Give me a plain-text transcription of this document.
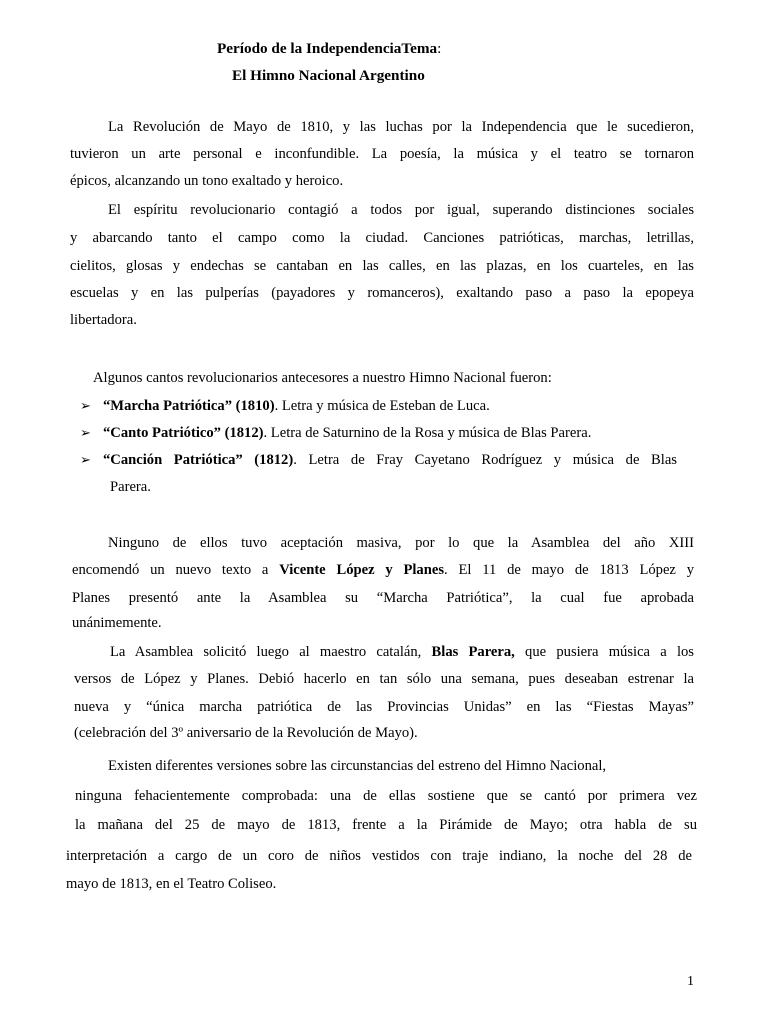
Período de la IndependenciaTema:
El Himno Nacional Argentino
La Revolución de Mayo de 1810, y las luchas por la Independencia que le sucedieron,
tuvieron un arte personal e inconfundible. La poesía, la música y el teatro se tornaron
épicos, alcanzando un tono exaltado y heroico.
El espíritu revolucionario contagió a todos por igual, superando distinciones sociales
y abarcando tanto el campo como la ciudad. Canciones patrióticas, marchas, letrillas,
cielitos, glosas y endechas se cantaban en las calles, en las plazas, en los cuarteles, en las
escuelas y en las pulperías (payadores y romanceros), exaltando paso a paso la epopeya
libertadora.
Algunos cantos revolucionarios antecesores a nuestro Himno Nacional fueron:
➢ “Marcha Patriótica” (1810). Letra y música de Esteban de Luca.
➢ “Canto Patriótico” (1812). Letra de Saturnino de la Rosa y música de Blas Parera.
➢ “Canción Patriótica” (1812). Letra de Fray Cayetano Rodríguez y música de Blas
Parera.
Ninguno de ellos tuvo aceptación masiva, por lo que la Asamblea del año XIII
encomendó un nuevo texto a Vicente López y Planes. El 11 de mayo de 1813 López y
Planes presentó ante la Asamblea su “Marcha Patriótica”, la cual fue aprobada
unánimemente.
La Asamblea solicitó luego al maestro catalán, Blas Parera, que pusiera música a los
versos de López y Planes. Debió hacerlo en tan sólo una semana, pues deseaban estrenar la
nueva y “única marcha patriótica de las Provincias Unidas” en las “Fiestas Mayas”
(celebración del 3º aniversario de la Revolución de Mayo).
Existen diferentes versiones sobre las circunstancias del estreno del Himno Nacional,
ninguna fehacientemente comprobada: una de ellas sostiene que se cantó por primera vez
la mañana del 25 de mayo de 1813, frente a la Pirámide de Mayo; otra habla de su
interpretación a cargo de un coro de niños vestidos con traje indiano, la noche del 28 de
mayo de 1813, en el Teatro Coliseo.
1
